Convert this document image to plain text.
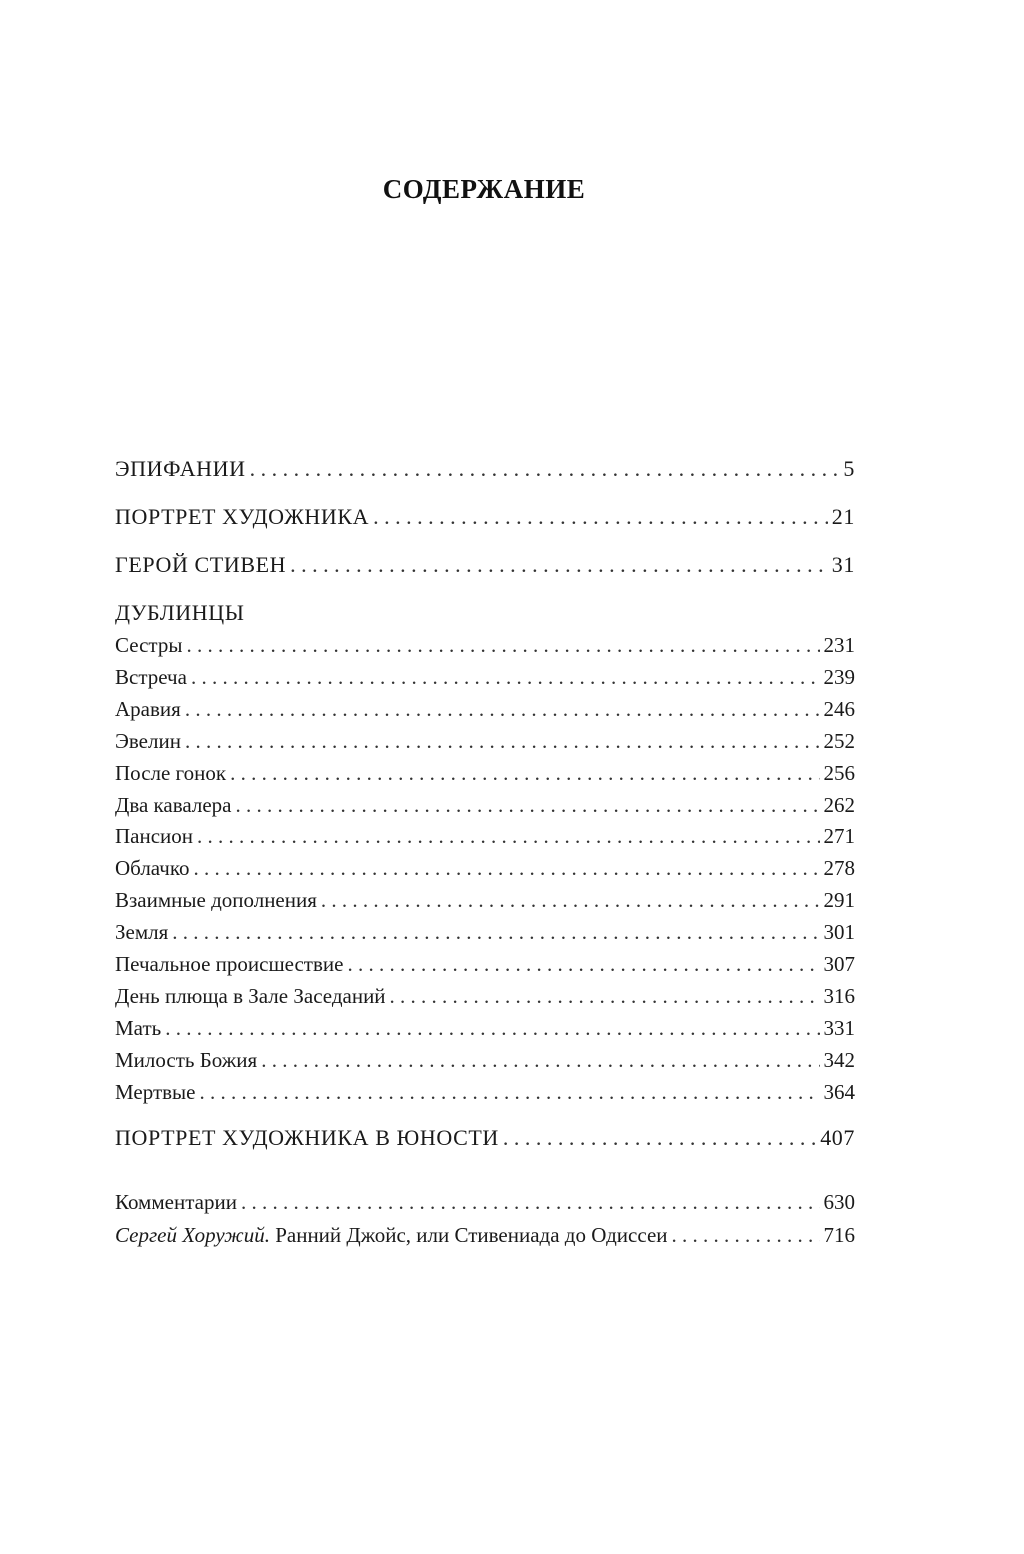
СОДЕРЖАНИЕ
ЭПИФАНИИ . . .	5
ПОРТРЕТ ХУДОЖНИКА . . .	21
ГЕРОЙ СТИВЕН . . .	31
ДУБЛИНЦЫ
Сестры . . .	231
Встреча . . .	239
Аравия . . .	246
Эвелин . . .	252
После гонок . . .	256
Два кавалера . . .	262
Пансион . . .	271
Облачко . . .	278
Взаимные дополнения . . .	291
Земля . . .	301
Печальное происшествие . . .	307
День плюща в Зале Заседаний . . .	316
Мать . . .	331
Милость Божия . . .	342
Мертвые . . .	364
ПОРТРЕТ ХУДОЖНИКА В ЮНОСТИ . . .	407
Комментарии . . .	630
Сергей Хоружий. Ранний Джойс, или Стивениада до Одиссеи . . .	716
